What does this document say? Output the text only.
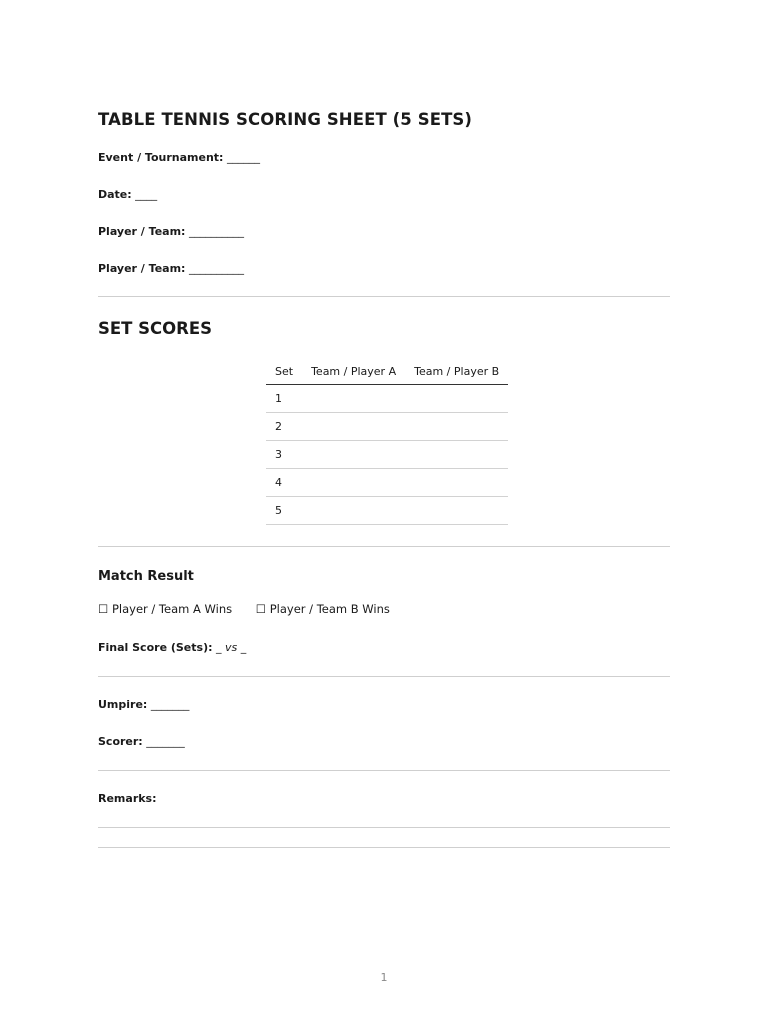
TABLE TENNIS SCORING SHEET (5 SETS)
Event / Tournament: ______
Date: ____
Player / Team: __________
Player / Team: __________
SET SCORES
Set	Team / Player A	Team / Player B
1		
2		
3		
4		
5		
Match Result
☐ Player / Team A Wins ☐ Player / Team B Wins
Final Score (Sets): _ vs _
Umpire: _______
Scorer: _______
Remarks:
1
